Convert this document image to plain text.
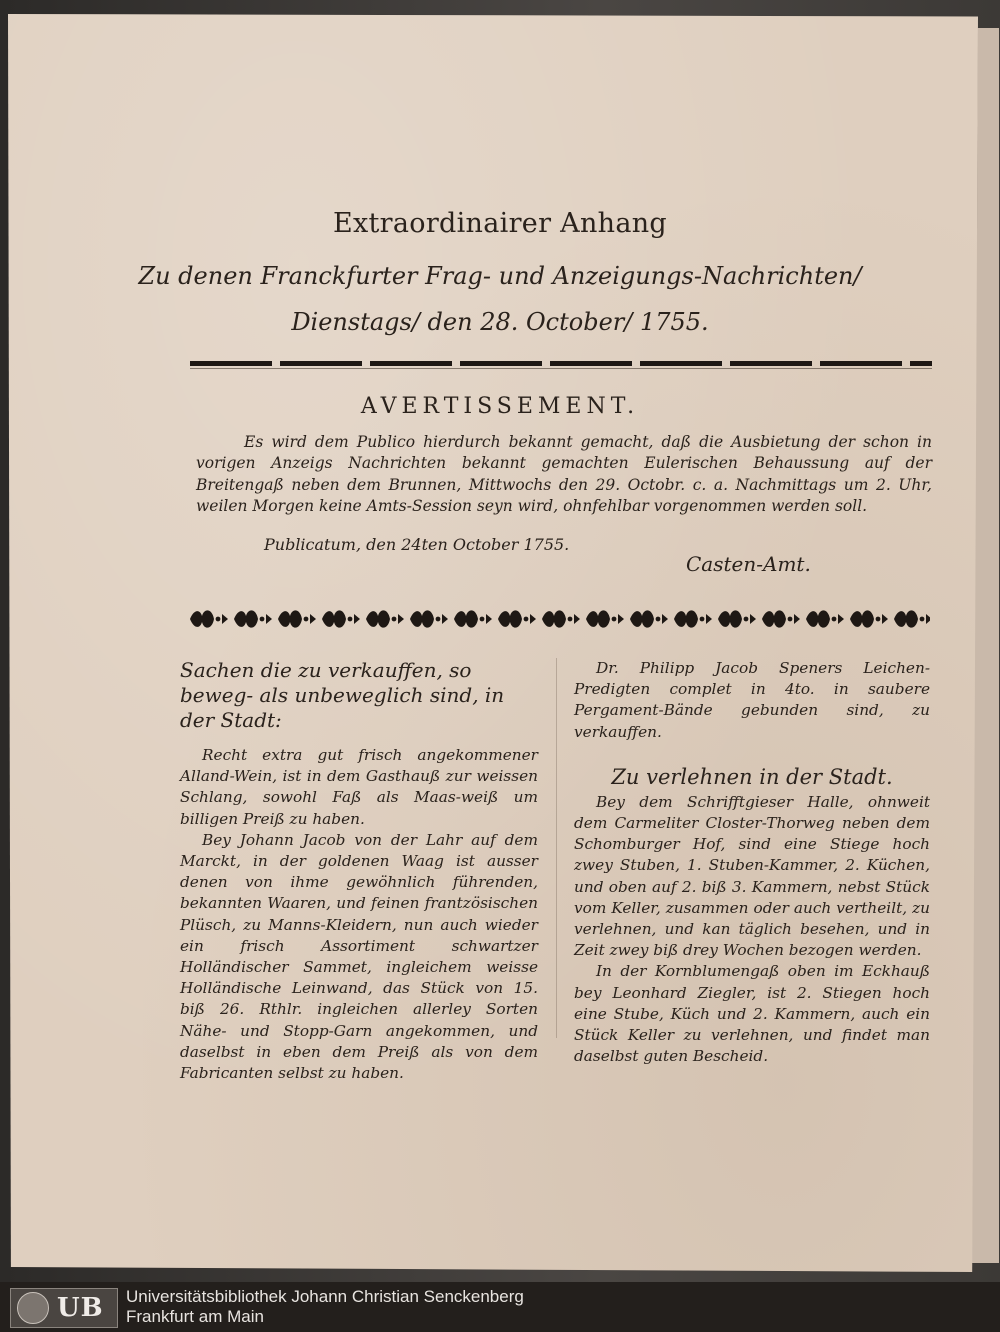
Extraordinairer Anhang
Zu denen Franckfurter Frag- und Anzeigungs-Nachrichten/
Dienstags/ den 28. October/ 1755.
AVERTISSEMENT.
Es wird dem Publico hierdurch bekannt gemacht, daß die Ausbietung der schon in vorigen Anzeigs Nachrichten bekannt gemachten Eulerischen Behaussung auf der Breitengaß neben dem Brunnen, Mittwochs den 29. Octobr. c. a. Nachmittags um 2. Uhr, weilen Morgen keine Amts-Session seyn wird, ohnfehlbar vorgenommen werden soll.
Publicatum, den 24ten October 1755.
Casten-Amt.

Sachen die zu verkauffen, so beweg- als unbeweglich sind, in der Stadt:

Recht extra gut frisch angekommener Alland-Wein, ist in dem Gasthauß zur weissen Schlang, sowohl Faß als Maas-weiß um billigen Preiß zu haben.

Bey Johann Jacob von der Lahr auf dem Marckt, in der goldenen Waag ist ausser denen von ihme gewöhnlich führenden, bekannten Waaren, und feinen frantzösischen Plüsch, zu Manns-Kleidern, nun auch wieder ein frisch Assortiment schwartzer Holländischer Sammet, ingleichem weisse Holländische Leinwand, das Stück von 15. biß 26. Rthlr. ingleichen allerley Sorten Nähe- und Stopp-Garn angekommen, und daselbst in eben dem Preiß als von dem Fabricanten selbst zu haben.

Dr. Philipp Jacob Speners Leichen-Predigten complet in 4to. in saubere Pergament-Bände gebunden sind, zu verkauffen.

Zu verlehnen in der Stadt.

Bey dem Schrifftgieser Halle, ohnweit dem Carmeliter Closter-Thorweg neben dem Schomburger Hof, sind eine Stiege hoch zwey Stuben, 1. Stuben-Kammer, 2. Küchen, und oben auf 2. biß 3. Kammern, nebst Stück vom Keller, zusammen oder auch vertheilt, zu verlehnen, und kan täglich besehen, und in Zeit zwey biß drey Wochen bezogen werden.

In der Kornblumengaß oben im Eckhauß bey Leonhard Ziegler, ist 2. Stiegen hoch eine Stube, Küch und 2. Kammern, auch ein Stück Keller zu verlehnen, und findet man daselbst guten Bescheid.

UB Universitätsbibliothek Johann Christian Senckenberg
Frankfurt am Main
